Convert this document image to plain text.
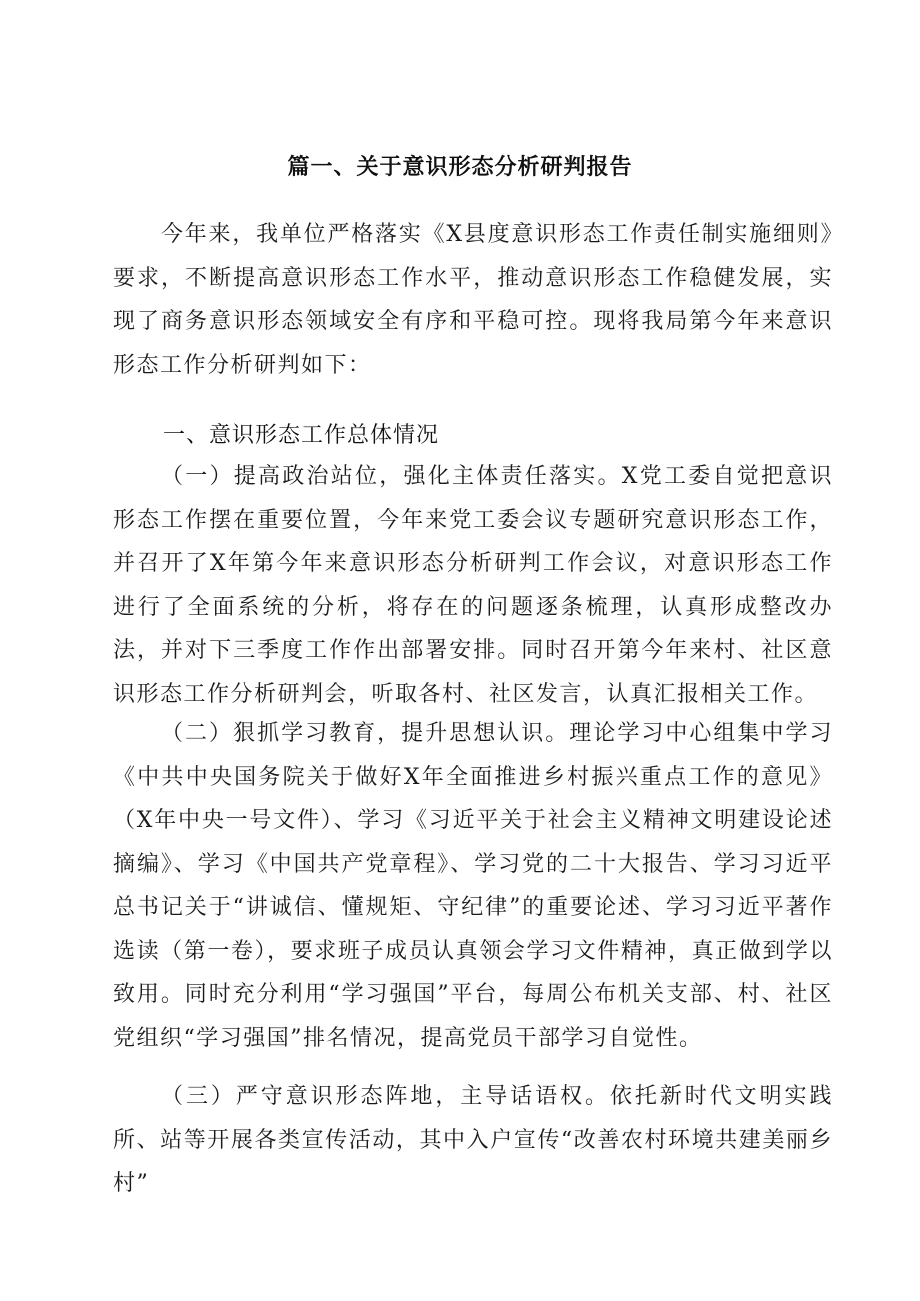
篇一、关于意识形态分析研判报告

今年来，我单位严格落实《X县度意识形态工作责任制实施细则》要求，不断提高意识形态工作水平，推动意识形态工作稳健发展，实现了商务意识形态领域安全有序和平稳可控。现将我局第今年来意识形态工作分析研判如下：

一、意识形态工作总体情况

（一）提高政治站位，强化主体责任落实。X党工委自觉把意识形态工作摆在重要位置，今年来党工委会议专题研究意识形态工作，并召开了X年第今年来意识形态分析研判工作会议，对意识形态工作进行了全面系统的分析，将存在的问题逐条梳理，认真形成整改办法，并对下三季度工作作出部署安排。同时召开第今年来村、社区意识形态工作分析研判会，听取各村、社区发言，认真汇报相关工作。

（二）狠抓学习教育，提升思想认识。理论学习中心组集中学习《中共中央国务院关于做好X年全面推进乡村振兴重点工作的意见》（X年中央一号文件）、学习《习近平关于社会主义精神文明建设论述摘编》、学习《中国共产党章程》、学习党的二十大报告、学习习近平总书记关于“讲诚信、懂规矩、守纪律”的重要论述、学习习近平著作选读（第一卷），要求班子成员认真领会学习文件精神，真正做到学以致用。同时充分利用“学习强国”平台，每周公布机关支部、村、社区党组织“学习强国”排名情况，提高党员干部学习自觉性。

（三）严守意识形态阵地，主导话语权。依托新时代文明实践所、站等开展各类宣传活动，其中入户宣传“改善农村环境共建美丽乡村”
